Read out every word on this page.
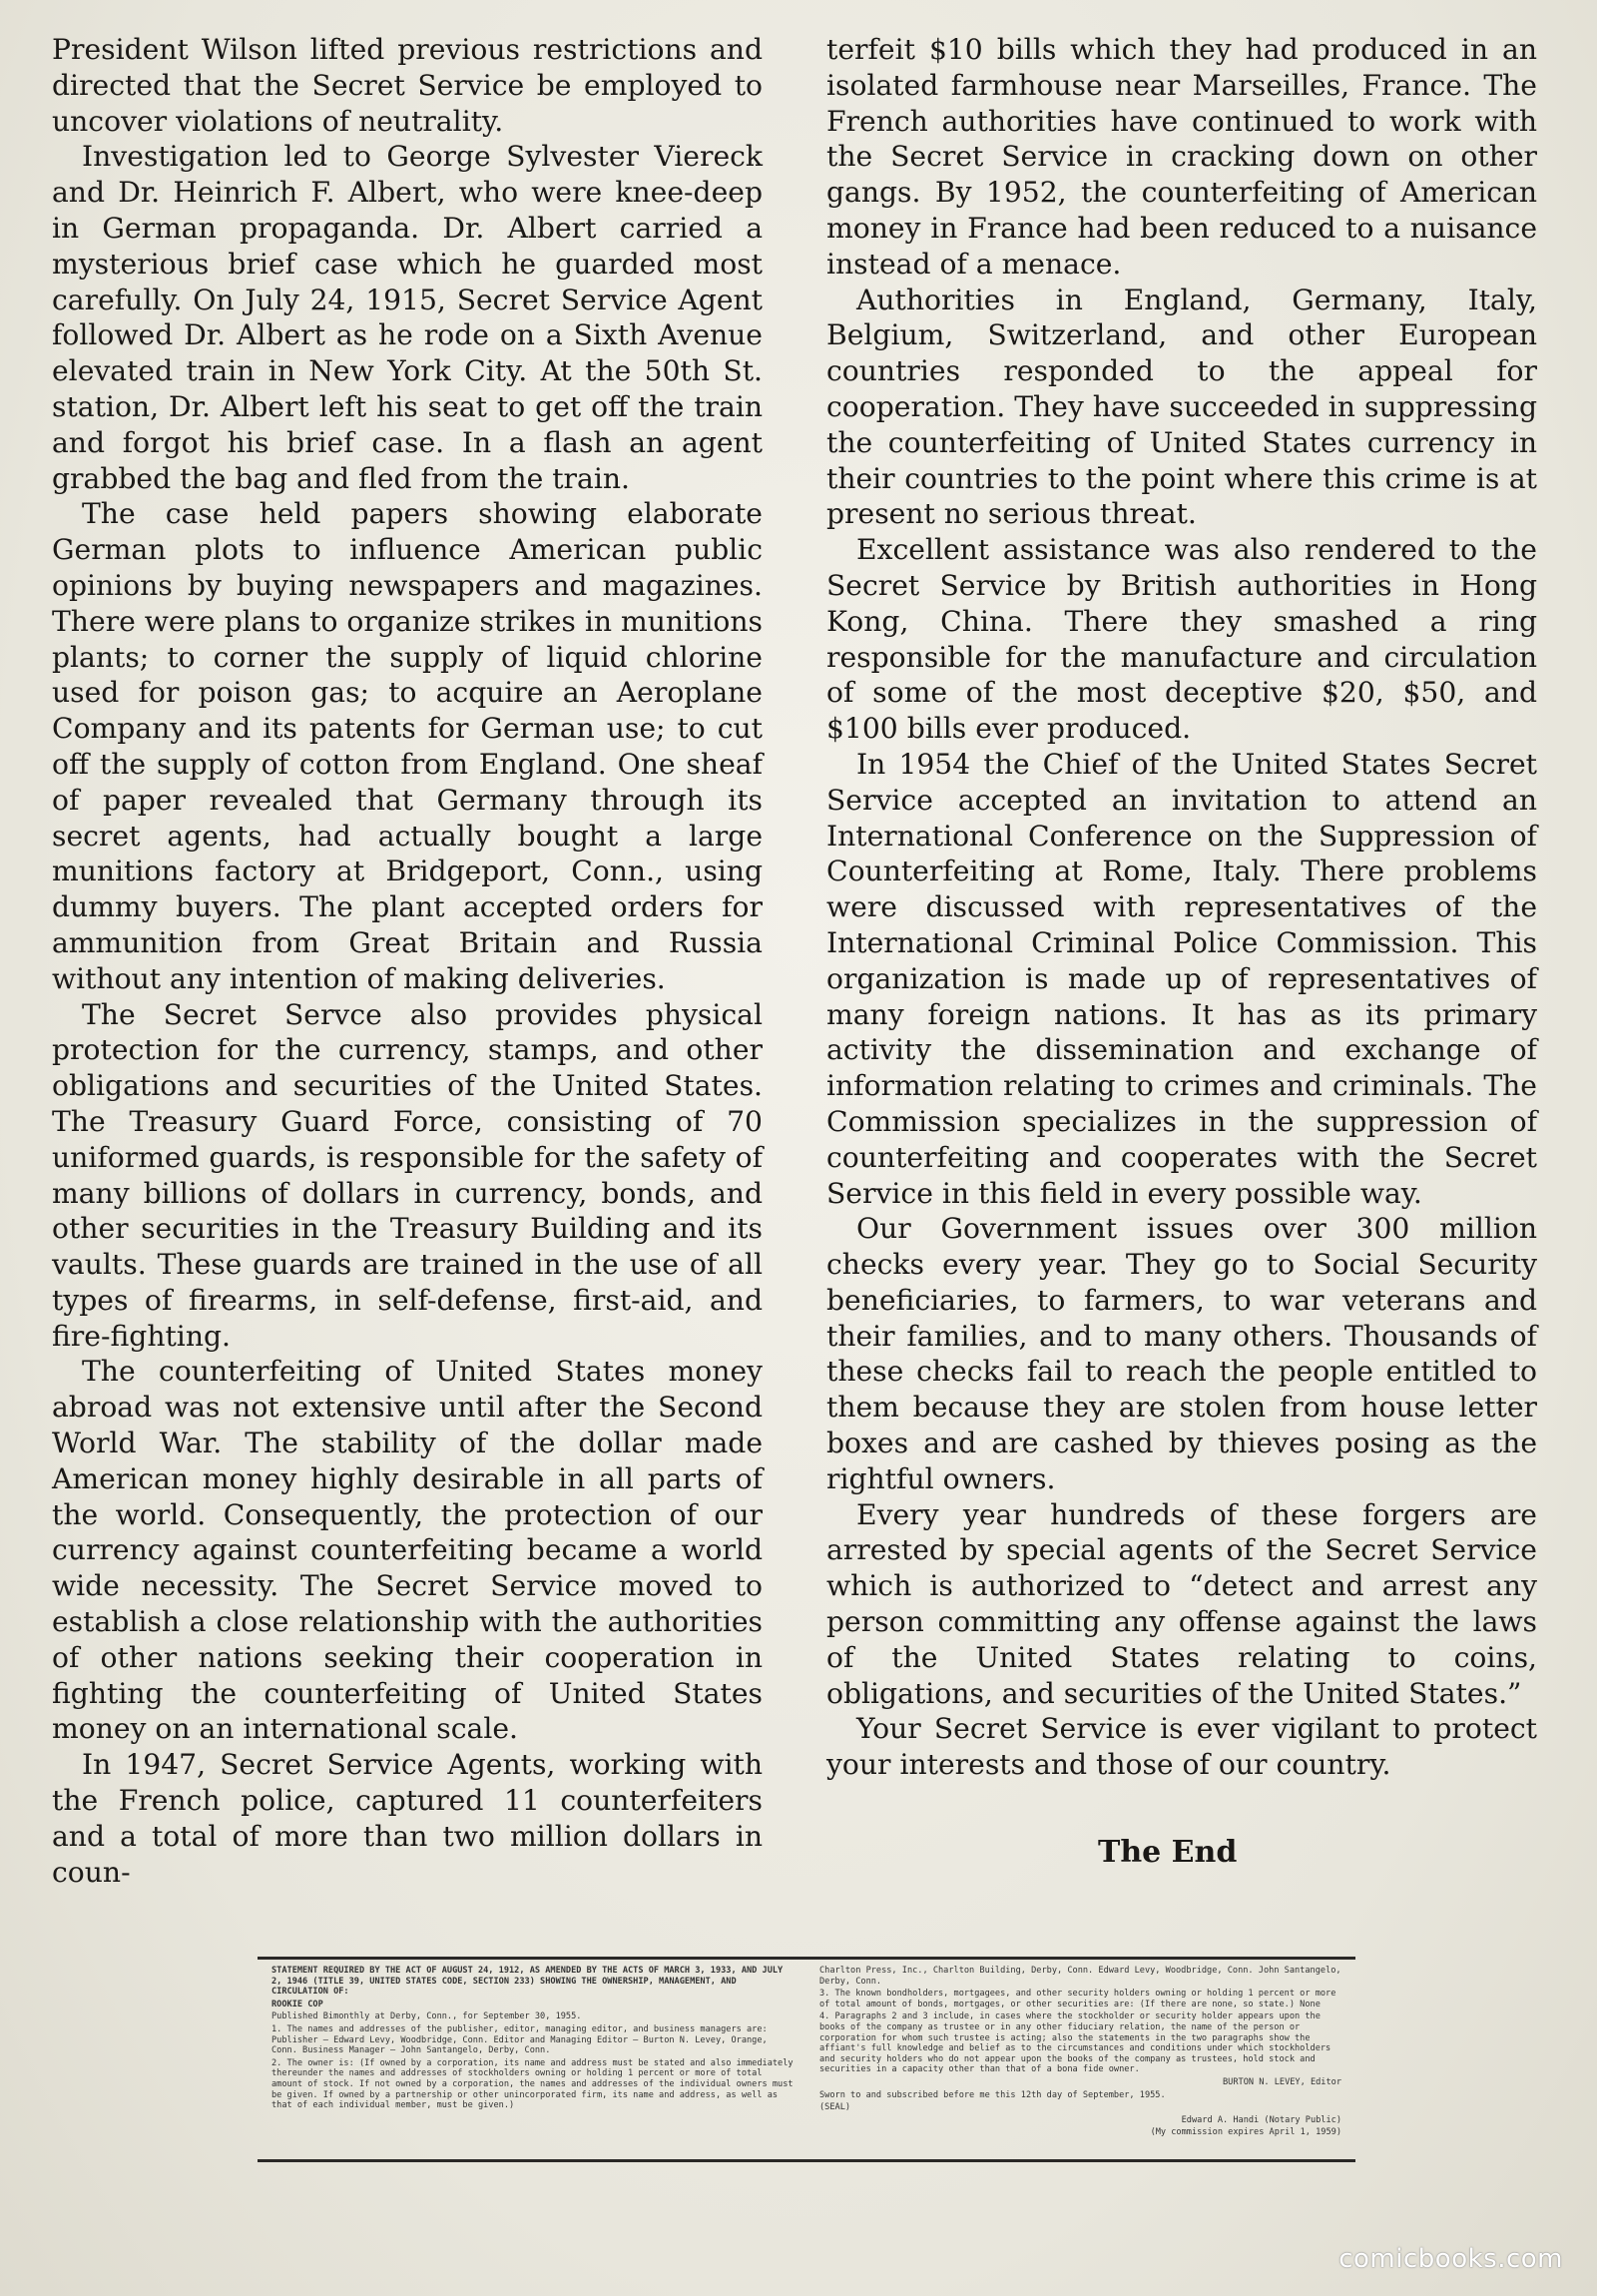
President Wilson lifted previous restrictions and directed that the Secret Service be employed to uncover violations of neutrality.

Investigation led to George Sylvester Viereck and Dr. Heinrich F. Albert, who were knee-deep in German propaganda. Dr. Albert carried a mysterious brief case which he guarded most carefully. On July 24, 1915, Secret Service Agent followed Dr. Albert as he rode on a Sixth Avenue elevated train in New York City. At the 50th St. station, Dr. Albert left his seat to get off the train and forgot his brief case. In a flash an agent grabbed the bag and fled from the train.

The case held papers showing elaborate German plots to influence American public opinions by buying newspapers and magazines. There were plans to organize strikes in munitions plants; to corner the supply of liquid chlorine used for poison gas; to acquire an Aeroplane Company and its patents for German use; to cut off the supply of cotton from England. One sheaf of paper revealed that Germany through its secret agents, had actually bought a large munitions factory at Bridgeport, Conn., using dummy buyers. The plant accepted orders for ammunition from Great Britain and Russia without any intention of making deliveries.

The Secret Servce also provides physical protection for the currency, stamps, and other obligations and securities of the United States. The Treasury Guard Force, consisting of 70 uniformed guards, is responsible for the safety of many billions of dollars in currency, bonds, and other securities in the Treasury Building and its vaults. These guards are trained in the use of all types of firearms, in self-defense, first-aid, and fire-fighting.

The counterfeiting of United States money abroad was not extensive until after the Second World War. The stability of the dollar made American money highly desirable in all parts of the world. Consequently, the protection of our currency against counterfeiting became a world wide necessity. The Secret Service moved to establish a close relationship with the authorities of other nations seeking their cooperation in fighting the counterfeiting of United States money on an international scale.

In 1947, Secret Service Agents, working with the French police, captured 11 counterfeiters and a total of more than two million dollars in coun-

terfeit $10 bills which they had produced in an isolated farmhouse near Marseilles, France. The French authorities have continued to work with the Secret Service in cracking down on other gangs. By 1952, the counterfeiting of American money in France had been reduced to a nuisance instead of a menace.

Authorities in England, Germany, Italy, Belgium, Switzerland, and other European countries responded to the appeal for cooperation. They have succeeded in suppressing the counterfeiting of United States currency in their countries to the point where this crime is at present no serious threat.

Excellent assistance was also rendered to the Secret Service by British authorities in Hong Kong, China. There they smashed a ring responsible for the manufacture and circulation of some of the most deceptive $20, $50, and $100 bills ever produced.

In 1954 the Chief of the United States Secret Service accepted an invitation to attend an International Conference on the Suppression of Counterfeiting at Rome, Italy. There problems were discussed with representatives of the International Criminal Police Commission. This organization is made up of representatives of many foreign nations. It has as its primary activity the dissemination and exchange of information relating to crimes and criminals. The Commission specializes in the suppression of counterfeiting and cooperates with the Secret Service in this field in every possible way.

Our Government issues over 300 million checks every year. They go to Social Security beneficiaries, to farmers, to war veterans and their families, and to many others. Thousands of these checks fail to reach the people entitled to them because they are stolen from house letter boxes and are cashed by thieves posing as the rightful owners.

Every year hundreds of these forgers are arrested by special agents of the Secret Service which is authorized to “detect and arrest any person committing any offense against the laws of the United States relating to coins, obligations, and securities of the United States.”

Your Secret Service is ever vigilant to protect your interests and those of our country.

The End

STATEMENT REQUIRED BY THE ACT OF AUGUST 24, 1912, AS AMENDED BY THE ACTS OF MARCH 3, 1933, AND JULY 2, 1946 (TITLE 39, UNITED STATES CODE, SECTION 233) SHOWING THE OWNERSHIP, MANAGEMENT, AND CIRCULATION OF:

ROOKIE COP

Published Bimonthly at Derby, Conn., for September 30, 1955.

1. The names and addresses of the publisher, editor, managing editor, and business managers are: Publisher — Edward Levy, Woodbridge, Conn. Editor and Managing Editor — Burton N. Levey, Orange, Conn. Business Manager — John Santangelo, Derby, Conn.

2. The owner is: (If owned by a corporation, its name and address must be stated and also immediately thereunder the names and addresses of stockholders owning or holding 1 percent or more of total amount of stock. If not owned by a corporation, the names and addresses of the individual owners must be given. If owned by a partnership or other unincorporated firm, its name and address, as well as that of each individual member, must be given.)

Charlton Press, Inc., Charlton Building, Derby, Conn. Edward Levy, Woodbridge, Conn. John Santangelo, Derby, Conn.

3. The known bondholders, mortgagees, and other security holders owning or holding 1 percent or more of total amount of bonds, mortgages, or other securities are: (If there are none, so state.) None

4. Paragraphs 2 and 3 include, in cases where the stockholder or security holder appears upon the books of the company as trustee or in any other fiduciary relation, the name of the person or corporation for whom such trustee is acting; also the statements in the two paragraphs show the affiant's full knowledge and belief as to the circumstances and conditions under which stockholders and security holders who do not appear upon the books of the company as trustees, hold stock and securities in a capacity other than that of a bona fide owner.

BURTON N. LEVEY, Editor

Sworn to and subscribed before me this 12th day of September, 1955.

(SEAL)

Edward A. Handi (Notary Public)

(My commission expires April 1, 1959)

comicbooks.com
